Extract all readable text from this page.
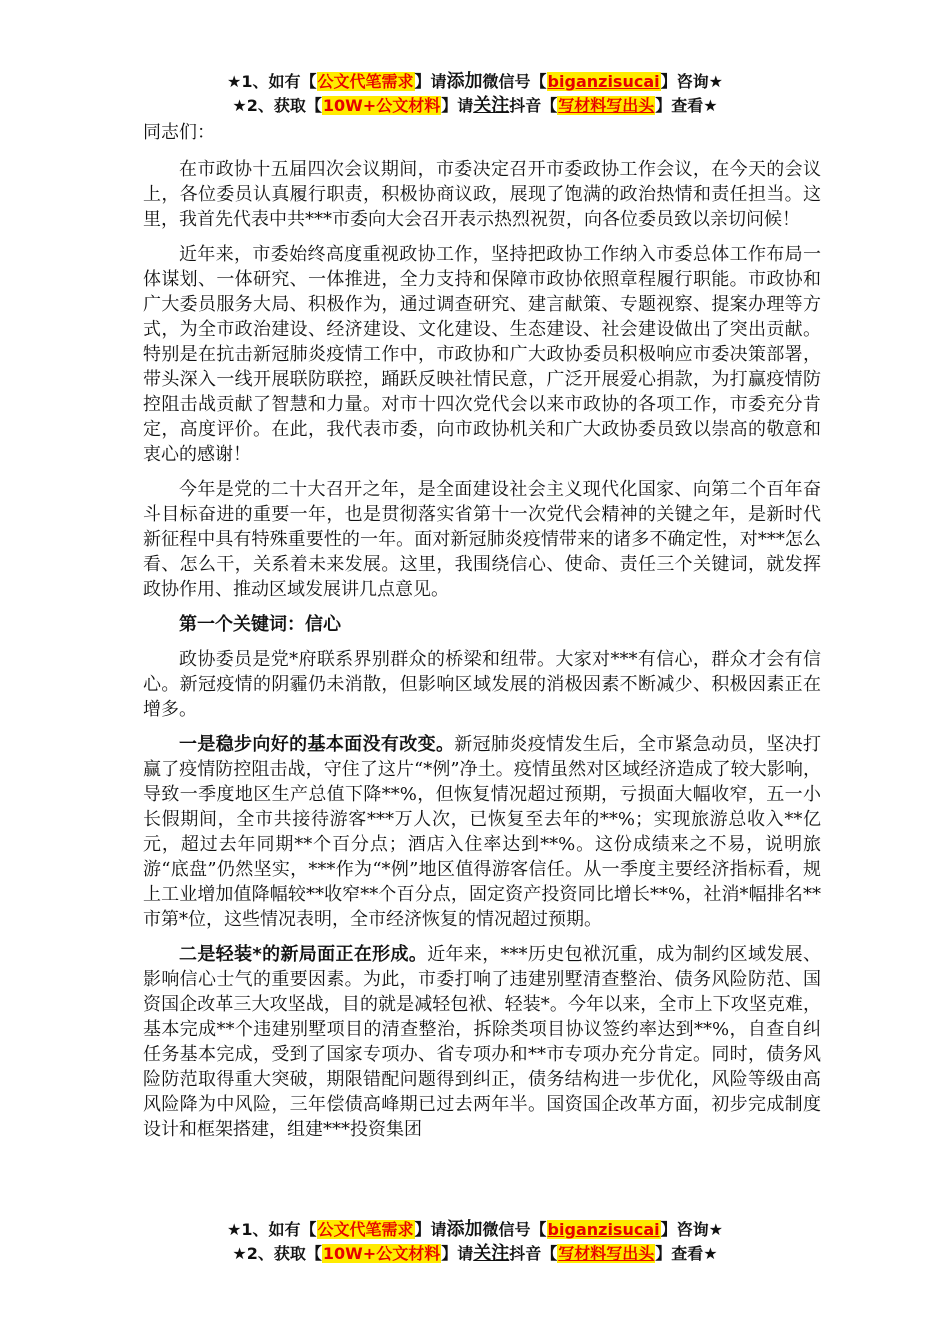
★1、如有【公文代笔需求】请添加微信号【biganzisucai】咨询★
★2、获取【10W+公文材料】请关注抖音【写材料写出头】查看★

同志们：

在市政协十五届四次会议期间，市委决定召开市委政协工作会议，在今天的会议上，各位委员认真履行职责，积极协商议政，展现了饱满的政治热情和责任担当。这里，我首先代表中共***市委向大会召开表示热烈祝贺，向各位委员致以亲切问候！

近年来，市委始终高度重视政协工作，坚持把政协工作纳入市委总体工作布局一体谋划、一体研究、一体推进，全力支持和保障市政协依照章程履行职能。市政协和广大委员服务大局、积极作为，通过调查研究、建言献策、专题视察、提案办理等方式，为全市政治建设、经济建设、文化建设、生态建设、社会建设做出了突出贡献。特别是在抗击新冠肺炎疫情工作中，市政协和广大政协委员积极响应市委决策部署，带头深入一线开展联防联控，踊跃反映社情民意，广泛开展爱心捐款，为打赢疫情防控阻击战贡献了智慧和力量。对市十四次党代会以来市政协的各项工作，市委充分肯定，高度评价。在此，我代表市委，向市政协机关和广大政协委员致以崇高的敬意和衷心的感谢！

今年是党的二十大召开之年，是全面建设社会主义现代化国家、向第二个百年奋斗目标奋进的重要一年，也是贯彻落实省第十一次党代会精神的关键之年，是新时代新征程中具有特殊重要性的一年。面对新冠肺炎疫情带来的诸多不确定性，对***怎么看、怎么干，关系着未来发展。这里，我围绕信心、使命、责任三个关键词，就发挥政协作用、推动区域发展讲几点意见。

第一个关键词：信心

政协委员是党*府联系界别群众的桥梁和纽带。大家对***有信心，群众才会有信心。新冠疫情的阴霾仍未消散，但影响区域发展的消极因素不断减少、积极因素正在增多。

一是稳步向好的基本面没有改变。新冠肺炎疫情发生后，全市紧急动员，坚决打赢了疫情防控阻击战，守住了这片“*例”净土。疫情虽然对区域经济造成了较大影响，导致一季度地区生产总值下降**%，但恢复情况超过预期，亏损面大幅收窄，五一小长假期间，全市共接待游客***万人次，已恢复至去年的**%；实现旅游总收入**亿元，超过去年同期**个百分点；酒店入住率达到**%。这份成绩来之不易，说明旅游“底盘”仍然坚实，***作为“*例”地区值得游客信任。从一季度主要经济指标看，规上工业增加值降幅较**收窄**个百分点，固定资产投资同比增长**%，社消*幅排名**市第*位，这些情况表明，全市经济恢复的情况超过预期。

二是轻装*的新局面正在形成。近年来，***历史包袱沉重，成为制约区域发展、影响信心士气的重要因素。为此，市委打响了违建别墅清查整治、债务风险防范、国资国企改革三大攻坚战，目的就是减轻包袱、轻装*。今年以来，全市上下攻坚克难，基本完成**个违建别墅项目的清查整治，拆除类项目协议签约率达到**%，自查自纠任务基本完成，受到了国家专项办、省专项办和**市专项办充分肯定。同时，债务风险防范取得重大突破，期限错配问题得到纠正，债务结构进一步优化，风险等级由高风险降为中风险，三年偿债高峰期已过去两年半。国资国企改革方面，初步完成制度设计和框架搭建，组建***投资集团

★1、如有【公文代笔需求】请添加微信号【biganzisucai】咨询★
★2、获取【10W+公文材料】请关注抖音【写材料写出头】查看★
